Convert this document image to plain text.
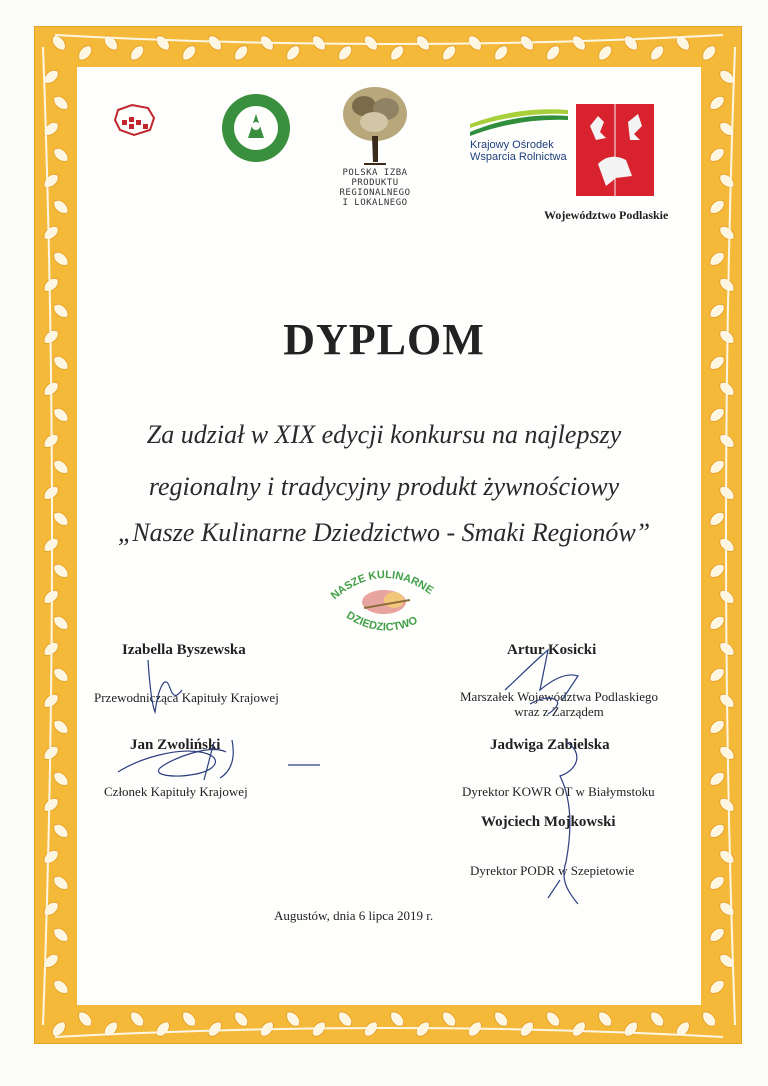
POLSKA IZBA
PRODUKTU
REGIONALNEGO
I LOKALNEGO
Krajowy Ośrodek
Wsparcia Rolnictwa
Województwo Podlaskie
DYPLOM
Za udział w XIX edycji konkursu na najlepszy
regionalny i tradycyjny produkt żywnościowy
„Nasze Kulinarne Dziedzictwo - Smaki Regionów”
NASZE KULINARNE
DZIEDZICTWO
Izabella Byszewska
Przewodnicząca Kapituły Krajowej
Jan Zwoliński
Członek Kapituły Krajowej
Artur Kosicki
Marszałek Województwa Podlaskiego
wraz z Zarządem
Jadwiga Zabielska
Dyrektor KOWR OT w Białymstoku
Wojciech Mojkowski
Dyrektor PODR w Szepietowie
Augustów, dnia 6 lipca 2019 r.
